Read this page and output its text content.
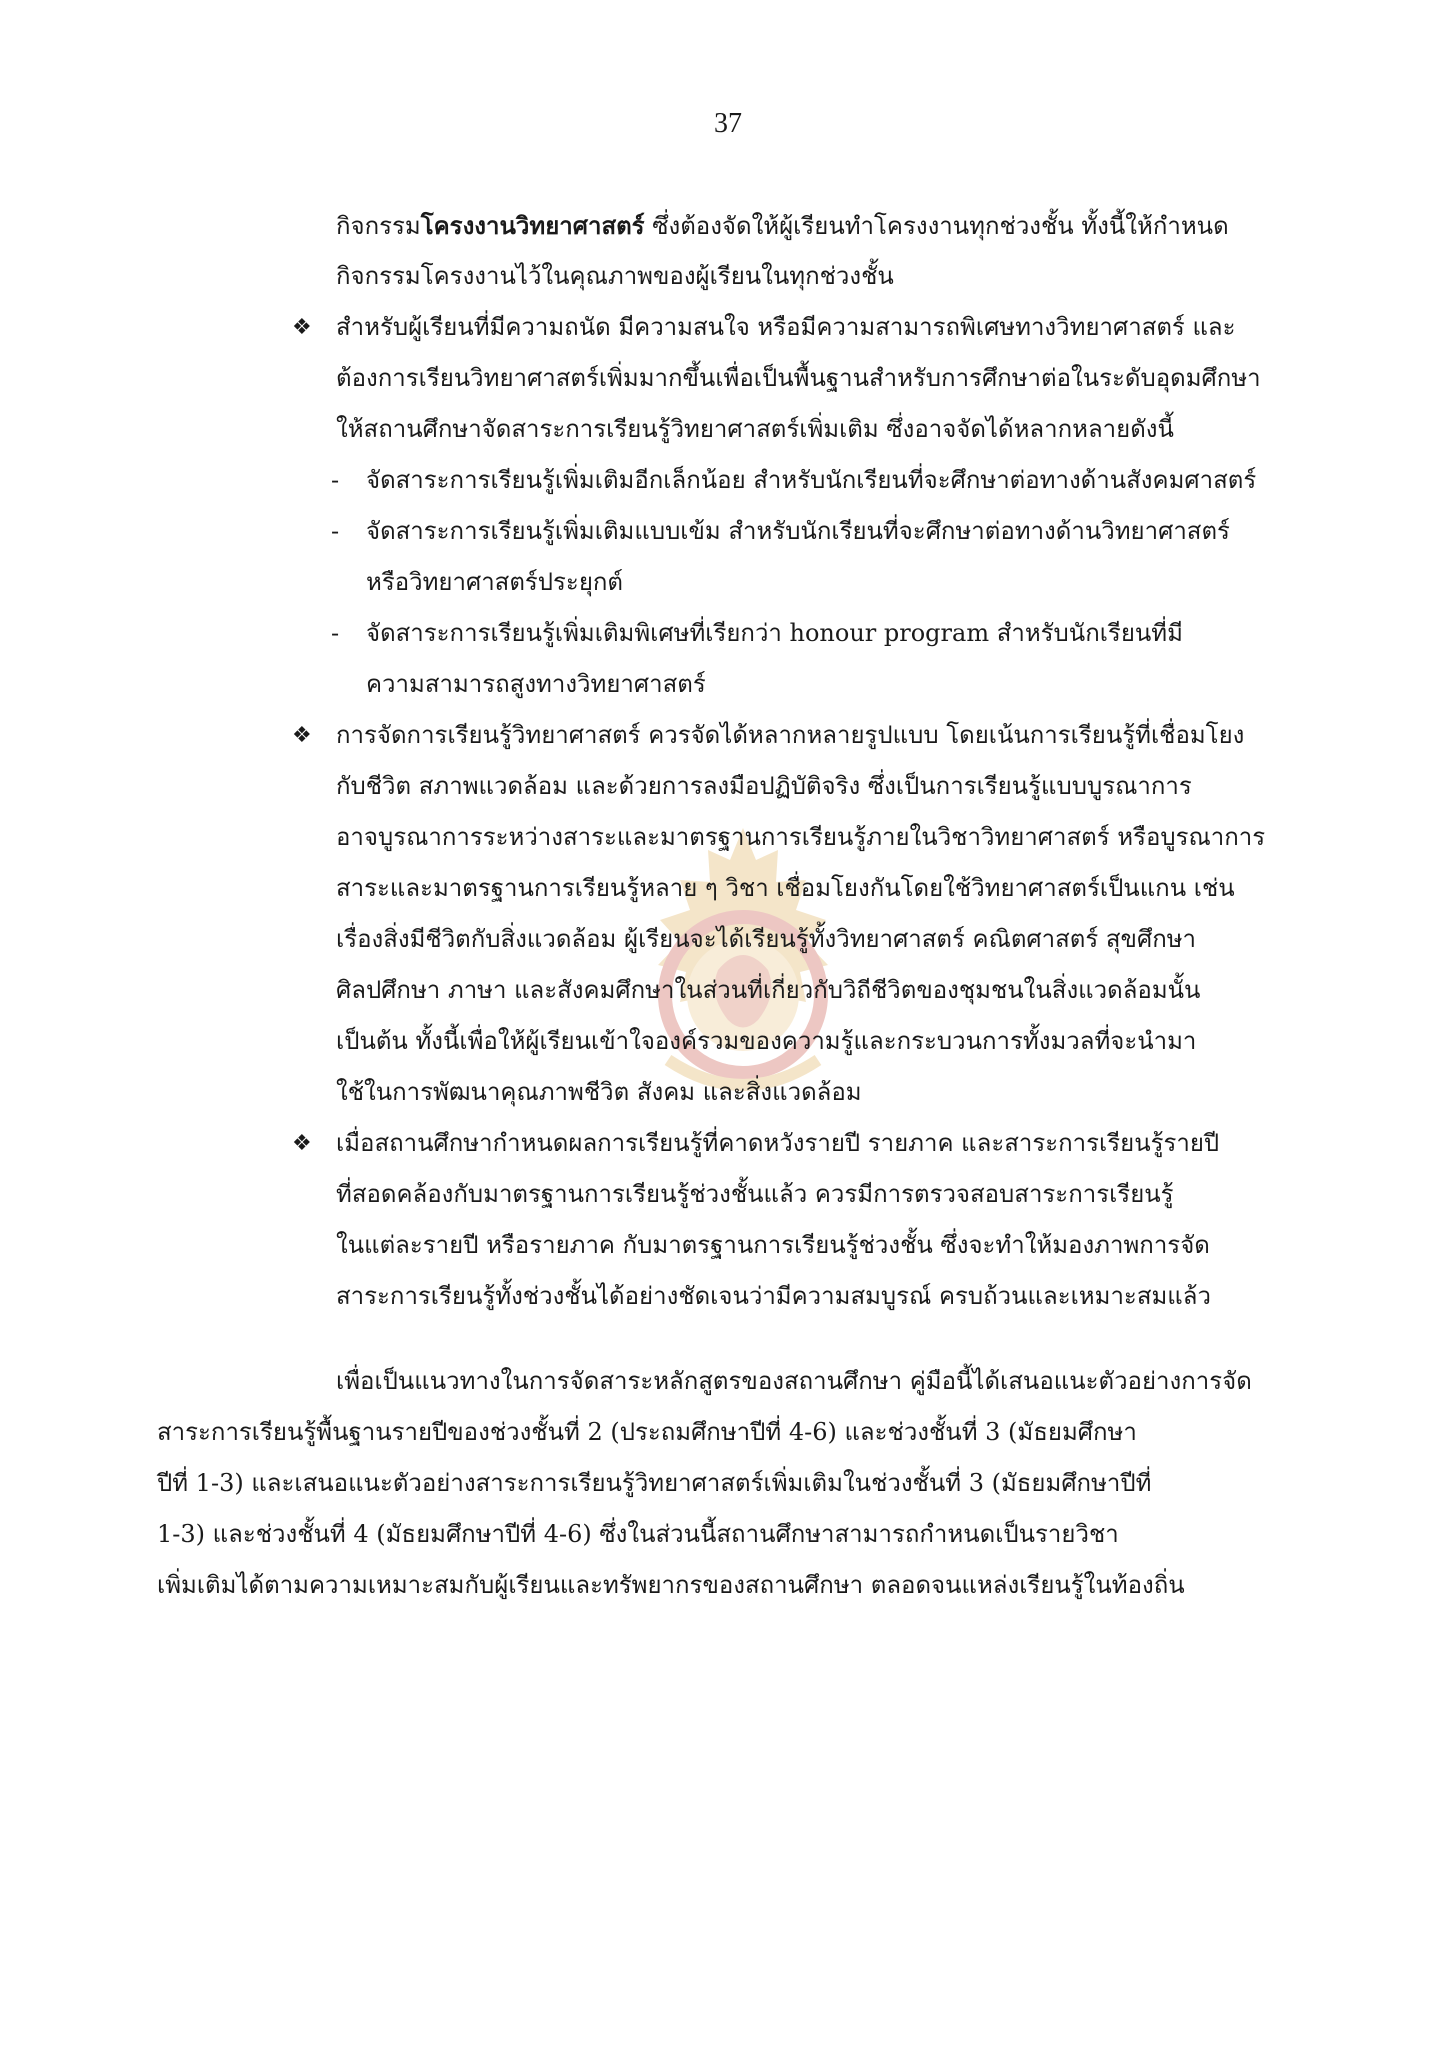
37
กิจกรรมโครงงานวิทยาศาสตร์ ซึ่งต้องจัดให้ผู้เรียนทำโครงงานทุกช่วงชั้น ทั้งนี้ให้กำหนด
กิจกรรมโครงงานไว้ในคุณภาพของผู้เรียนในทุกช่วงชั้น
❖ สำหรับผู้เรียนที่มีความถนัด มีความสนใจ หรือมีความสามารถพิเศษทางวิทยาศาสตร์ และ
ต้องการเรียนวิทยาศาสตร์เพิ่มมากขึ้นเพื่อเป็นพื้นฐานสำหรับการศึกษาต่อในระดับอุดมศึกษา
ให้สถานศึกษาจัดสาระการเรียนรู้วิทยาศาสตร์เพิ่มเติม ซึ่งอาจจัดได้หลากหลายดังนี้
- จัดสาระการเรียนรู้เพิ่มเติมอีกเล็กน้อย สำหรับนักเรียนที่จะศึกษาต่อทางด้านสังคมศาสตร์
- จัดสาระการเรียนรู้เพิ่มเติมแบบเข้ม สำหรับนักเรียนที่จะศึกษาต่อทางด้านวิทยาศาสตร์
หรือวิทยาศาสตร์ประยุกต์
- จัดสาระการเรียนรู้เพิ่มเติมพิเศษที่เรียกว่า honour program สำหรับนักเรียนที่มี
ความสามารถสูงทางวิทยาศาสตร์
❖ การจัดการเรียนรู้วิทยาศาสตร์ ควรจัดได้หลากหลายรูปแบบ โดยเน้นการเรียนรู้ที่เชื่อมโยง
กับชีวิต สภาพแวดล้อม และด้วยการลงมือปฏิบัติจริง ซึ่งเป็นการเรียนรู้แบบบูรณาการ
อาจบูรณาการระหว่างสาระและมาตรฐานการเรียนรู้ภายในวิชาวิทยาศาสตร์ หรือบูรณาการ
สาระและมาตรฐานการเรียนรู้หลาย ๆ วิชา เชื่อมโยงกันโดยใช้วิทยาศาสตร์เป็นแกน เช่น
เรื่องสิ่งมีชีวิตกับสิ่งแวดล้อม ผู้เรียนจะได้เรียนรู้ทั้งวิทยาศาสตร์ คณิตศาสตร์ สุขศึกษา
ศิลปศึกษา ภาษา และสังคมศึกษาในส่วนที่เกี่ยวกับวิถีชีวิตของชุมชนในสิ่งแวดล้อมนั้น
เป็นต้น ทั้งนี้เพื่อให้ผู้เรียนเข้าใจองค์รวมของความรู้และกระบวนการทั้งมวลที่จะนำมา
ใช้ในการพัฒนาคุณภาพชีวิต สังคม และสิ่งแวดล้อม
❖ เมื่อสถานศึกษากำหนดผลการเรียนรู้ที่คาดหวังรายปี รายภาค และสาระการเรียนรู้รายปี
ที่สอดคล้องกับมาตรฐานการเรียนรู้ช่วงชั้นแล้ว ควรมีการตรวจสอบสาระการเรียนรู้
ในแต่ละรายปี หรือรายภาค กับมาตรฐานการเรียนรู้ช่วงชั้น ซึ่งจะทำให้มองภาพการจัด
สาระการเรียนรู้ทั้งช่วงชั้นได้อย่างชัดเจนว่ามีความสมบูรณ์ ครบถ้วนและเหมาะสมแล้ว
เพื่อเป็นแนวทางในการจัดสาระหลักสูตรของสถานศึกษา คู่มือนี้ได้เสนอแนะตัวอย่างการจัด
สาระการเรียนรู้พื้นฐานรายปีของช่วงชั้นที่ 2 (ประถมศึกษาปีที่ 4-6) และช่วงชั้นที่ 3 (มัธยมศึกษา
ปีที่ 1-3) และเสนอแนะตัวอย่างสาระการเรียนรู้วิทยาศาสตร์เพิ่มเติมในช่วงชั้นที่ 3 (มัธยมศึกษาปีที่
1-3) และช่วงชั้นที่ 4 (มัธยมศึกษาปีที่ 4-6) ซึ่งในส่วนนี้สถานศึกษาสามารถกำหนดเป็นรายวิชา
เพิ่มเติมได้ตามความเหมาะสมกับผู้เรียนและทรัพยากรของสถานศึกษา ตลอดจนแหล่งเรียนรู้ในท้องถิ่น
